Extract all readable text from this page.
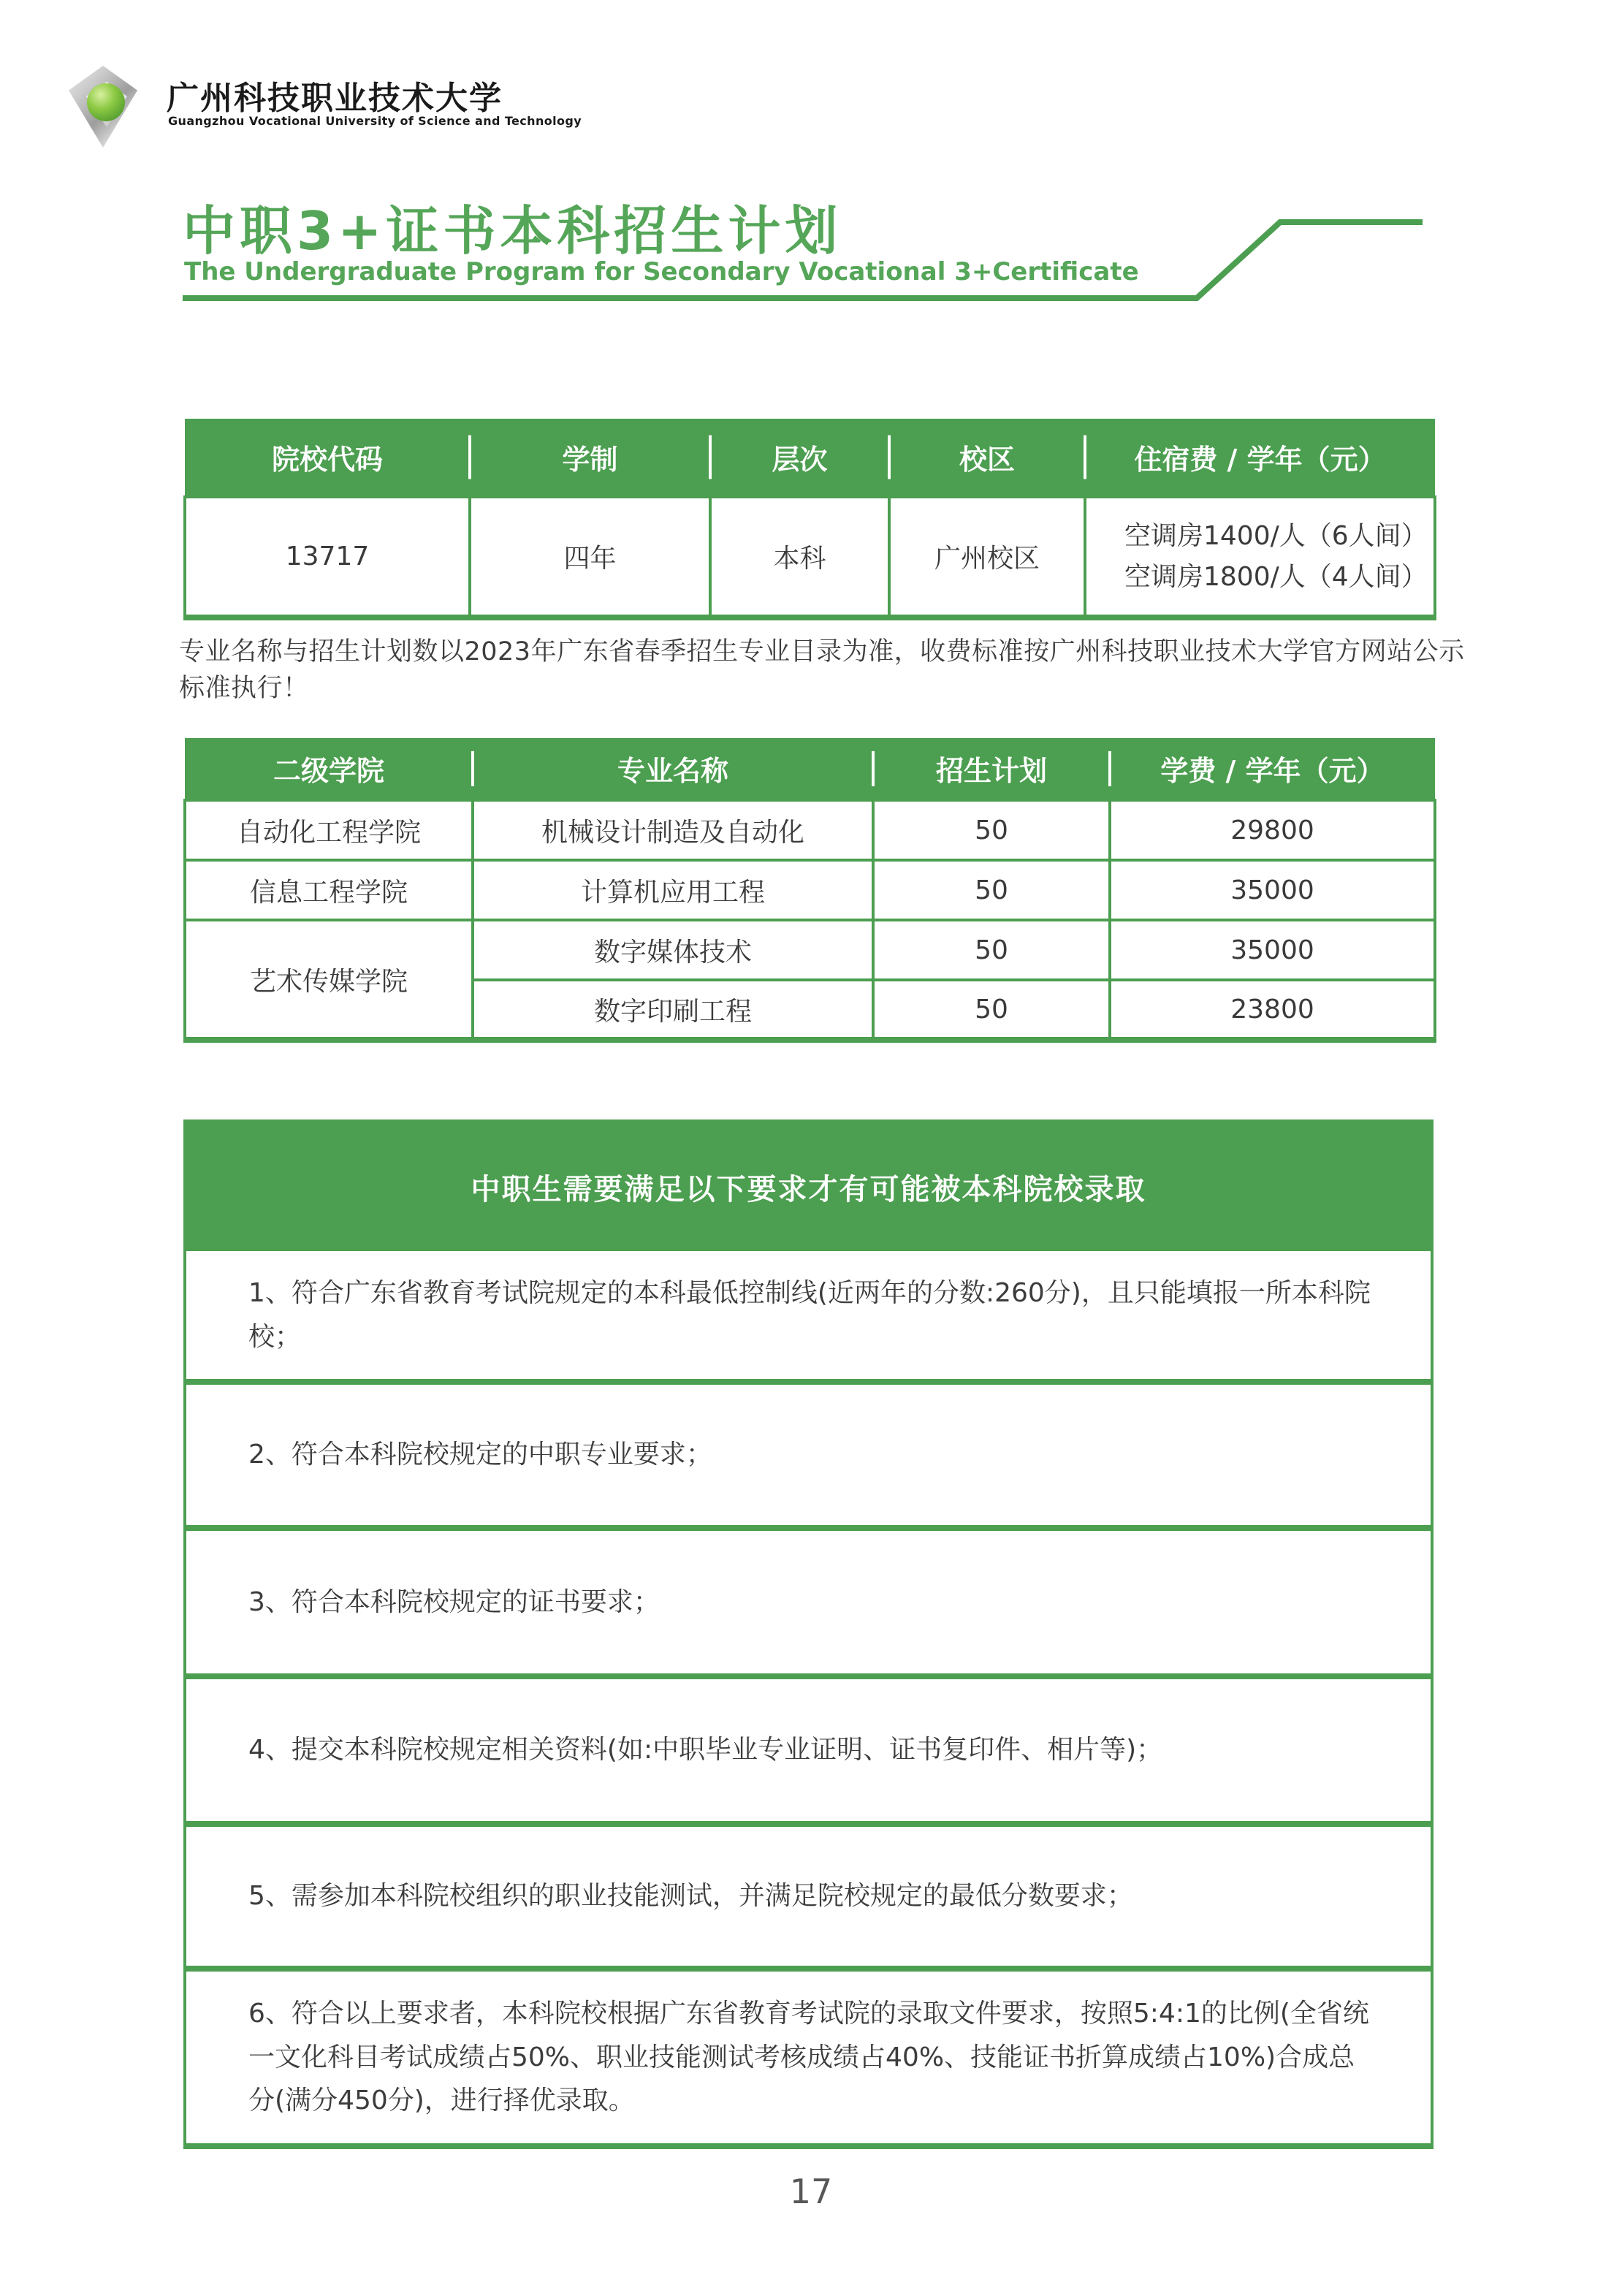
广州科技职业技术大学
Guangzhou Vocational University of Science and Technology
中职3+证书本科招生计划
The Undergraduate Program for Secondary Vocational 3+Certificate
院校代码	学制	层次	校区	住宿费 / 学年（元）
13717	四年	本科	广州校区	空调房1400/人（6人间）
空调房1800/人（4人间）

专业名称与招生计划数以2023年广东省春季招生专业目录为准，收费标准按广州科技职业技术大学官方网站公示标准执行！

二级学院	专业名称	招生计划	学费 / 学年（元）
自动化工程学院	机械设计制造及自动化	50	29800
信息工程学院	计算机应用工程	50	35000
艺术传媒学院	数字媒体技术	50	35000
	数字印刷工程	50	23800
中职生需要满足以下要求才有可能被本科院校录取
1、符合广东省教育考试院规定的本科最低控制线(近两年的分数:260分)，且只能填报一所本科院校；
2、符合本科院校规定的中职专业要求；
3、符合本科院校规定的证书要求；
4、提交本科院校规定相关资料(如:中职毕业专业证明、证书复印件、相片等)；
5、需参加本科院校组织的职业技能测试，并满足院校规定的最低分数要求；
6、符合以上要求者，本科院校根据广东省教育考试院的录取文件要求，按照5:4:1的比例(全省统一文化科目考试成绩占50%、职业技能测试考核成绩占40%、技能证书折算成绩占10%)合成总分(满分450分)，进行择优录取。
17
